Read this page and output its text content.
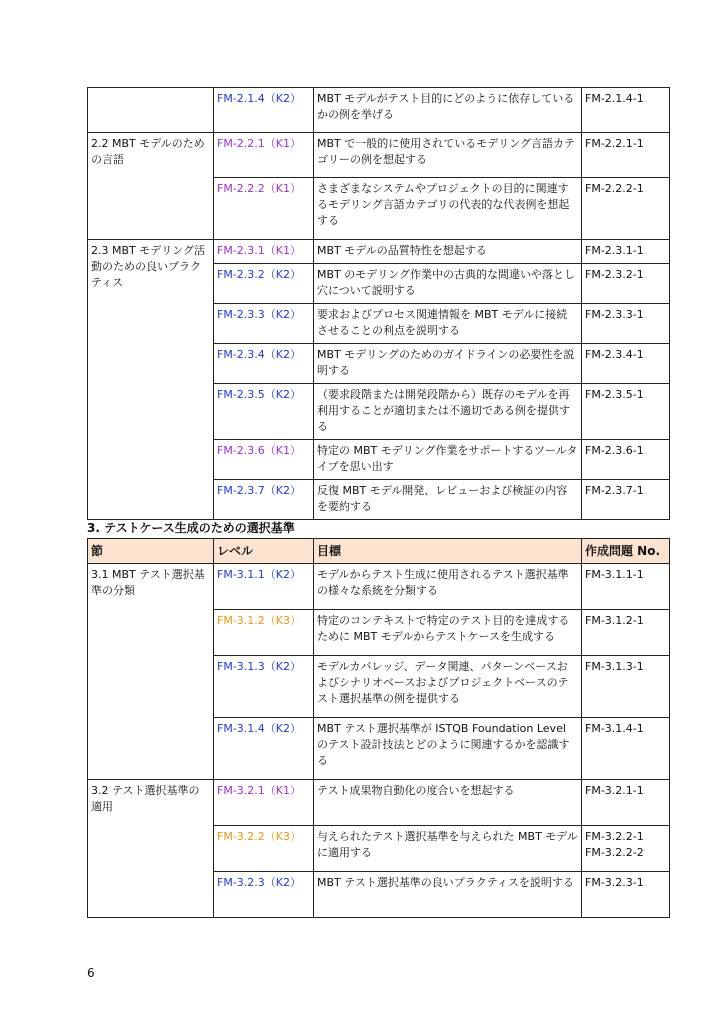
	FM-2.1.4（K2）	MBT モデルがテスト目的にどのように依存しているかの例を挙げる	FM-2.1.4-1
2.2 MBT モデルのための言語	FM-2.2.1（K1）	MBT で一般的に使用されているモデリング言語カテゴリーの例を想起する	FM-2.2.1-1
	FM-2.2.2（K1）	さまざまなシステムやプロジェクトの目的に関連するモデリング言語カテゴリの代表的な代表例を想起する	FM-2.2.2-1
2.3 MBT モデリング活動のための良いプラクティス	FM-2.3.1（K1）	MBT モデルの品質特性を想起する	FM-2.3.1-1
	FM-2.3.2（K2）	MBT のモデリング作業中の古典的な間違いや落とし穴について説明する	FM-2.3.2-1
	FM-2.3.3（K2）	要求およびプロセス関連情報を MBT モデルに接続させることの利点を説明する	FM-2.3.3-1
	FM-2.3.4（K2）	MBT モデリングのためのガイドラインの必要性を説明する	FM-2.3.4-1
	FM-2.3.5（K2）	（要求段階または開発段階から）既存のモデルを再利用することが適切または不適切である例を提供する	FM-2.3.5-1
	FM-2.3.6（K1）	特定の MBT モデリング作業をサポートするツールタイプを思い出す	FM-2.3.6-1
	FM-2.3.7（K2）	反復 MBT モデル開発、レビューおよび検証の内容を要約する	FM-2.3.7-1
3. テストケース生成のための選択基準
節	レベル	目標	作成問題 No.
3.1 MBT テスト選択基準の分類	FM-3.1.1（K2）	モデルからテスト生成に使用されるテスト選択基準の様々な系統を分類する	FM-3.1.1-1
	FM-3.1.2（K3）	特定のコンテキストで特定のテスト目的を達成するために MBT モデルからテストケースを生成する	FM-3.1.2-1
	FM-3.1.3（K2）	モデルカバレッジ、データ関連、パターンベースおよびシナリオベースおよびプロジェクトベースのテスト選択基準の例を提供する	FM-3.1.3-1
	FM-3.1.4（K2）	MBT テスト選択基準が ISTQB Foundation Level のテスト設計技法とどのように関連するかを認識する	FM-3.1.4-1
3.2 テスト選択基準の適用	FM-3.2.1（K1）	テスト成果物自動化の度合いを想起する	FM-3.2.1-1
	FM-3.2.2（K3）	与えられたテスト選択基準を与えられた MBT モデルに適用する	FM-3.2.2-1
FM-3.2.2-2
	FM-3.2.3（K2）	MBT テスト選択基準の良いプラクティスを説明する	FM-3.2.3-1
6
